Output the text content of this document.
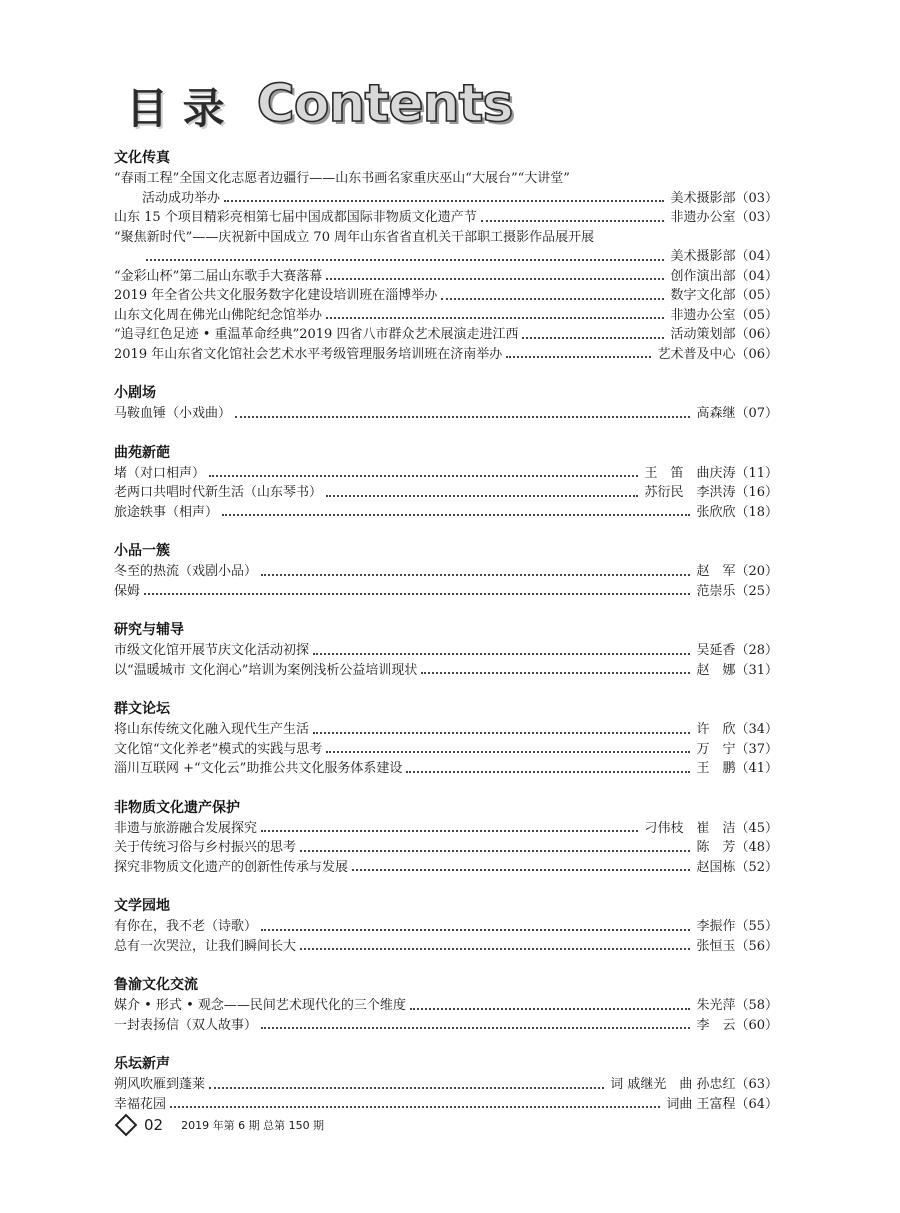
目 录 Contents
文化传真
“春雨工程”全国文化志愿者边疆行——山东书画名家重庆巫山“大展台”“大讲堂”
活动成功举办	美术摄影部（03）
山东 15 个项目精彩亮相第七届中国成都国际非物质文化遗产节	非遗办公室（03）
“聚焦新时代”——庆祝新中国成立 70 周年山东省省直机关干部职工摄影作品展开展
美术摄影部（04）
“金彩山杯”第二届山东歌手大赛落幕	创作演出部（04）
2019 年全省公共文化服务数字化建设培训班在淄博举办	数字文化部（05）
山东文化周在佛光山佛陀纪念馆举办	非遗办公室（05）
“追寻红色足迹 • 重温革命经典”2019 四省八市群众艺术展演走进江西	活动策划部（06）
2019 年山东省文化馆社会艺术水平考级管理服务培训班在济南举办	艺术普及中心（06）
小剧场
马鞍血锤（小戏曲）	高森继（07）
曲苑新葩
堵（对口相声）	王　笛　曲庆涛（11）
老两口共唱时代新生活（山东琴书）	苏衍民　李洪涛（16）
旅途轶事（相声）	张欣欣（18）
小品一簇
冬至的热流（戏剧小品）	赵　军（20）
保姆	范崇乐（25）
研究与辅导
市级文化馆开展节庆文化活动初探	吴延香（28）
以“温暖城市 文化润心”培训为案例浅析公益培训现状	赵　娜（31）
群文论坛
将山东传统文化融入现代生产生活	许　欣（34）
文化馆“文化养老”模式的实践与思考	万　宁（37）
淄川互联网 +“文化云”助推公共文化服务体系建设	王　鹏（41）
非物质文化遗产保护
非遗与旅游融合发展探究	刁伟枝　崔　洁（45）
关于传统习俗与乡村振兴的思考	陈　芳（48）
探究非物质文化遗产的创新性传承与发展	赵国栋（52）
文学园地
有你在，我不老（诗歌）	李振作（55）
总有一次哭泣，让我们瞬间长大	张恒玉（56）
鲁渝文化交流
媒介 • 形式 • 观念——民间艺术现代化的三个维度	朱光萍（58）
一封表扬信（双人故事）	李　云（60）
乐坛新声
朔风吹雁到蓬莱	词 戚继光　曲 孙忠红（63）
幸福花园	词曲 王富程（64）
02 2019 年第 6 期 总第 150 期
